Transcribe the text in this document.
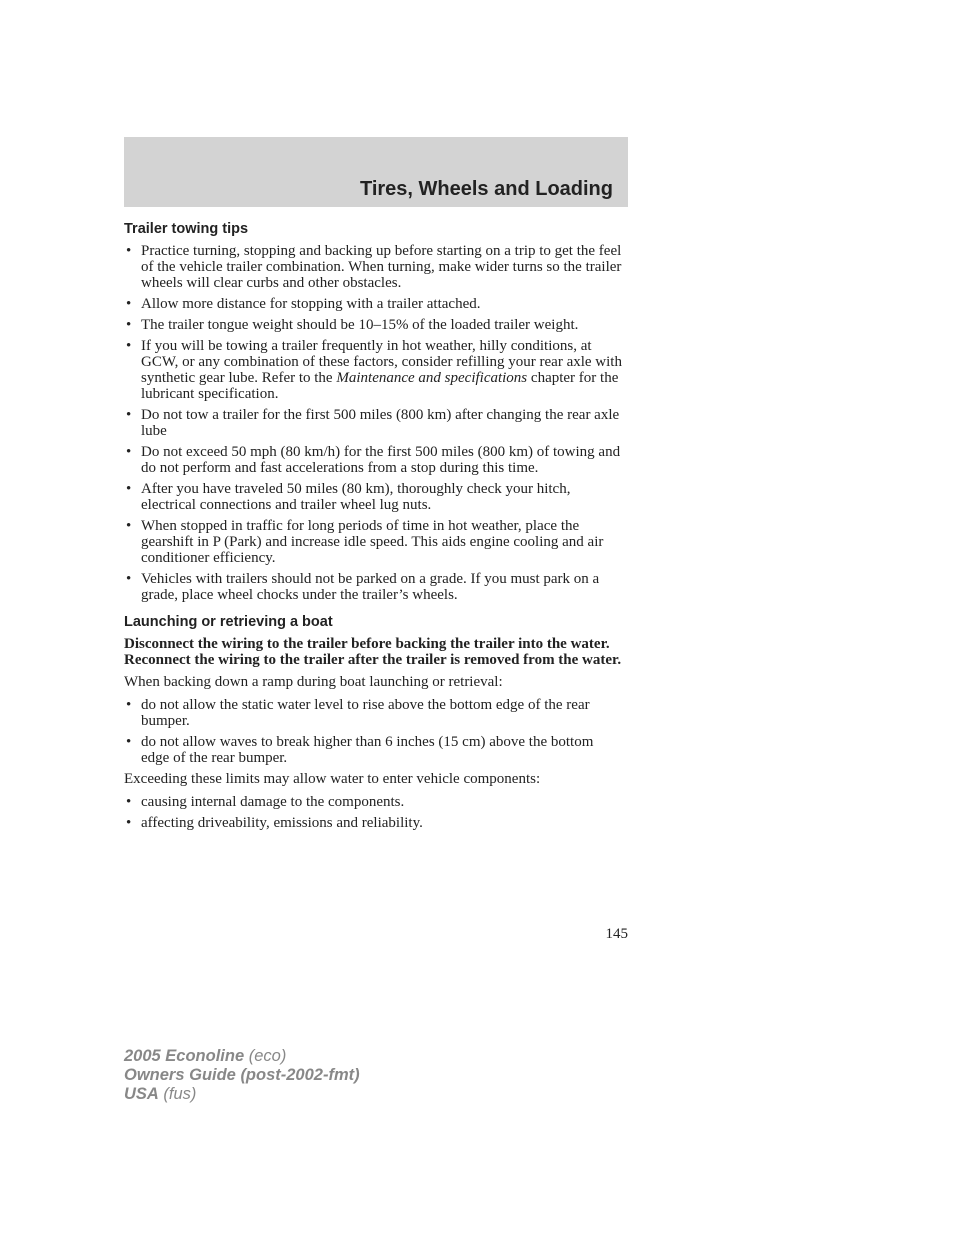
Tires, Wheels and Loading
Trailer towing tips
• Practice turning, stopping and backing up before starting on a trip to get the feel of the vehicle trailer combination. When turning, make wider turns so the trailer wheels will clear curbs and other obstacles.
• Allow more distance for stopping with a trailer attached.
• The trailer tongue weight should be 10–15% of the loaded trailer weight.
• If you will be towing a trailer frequently in hot weather, hilly conditions, at GCW, or any combination of these factors, consider refilling your rear axle with synthetic gear lube. Refer to the Maintenance and specifications chapter for the lubricant specification.
• Do not tow a trailer for the first 500 miles (800 km) after changing the rear axle lube
• Do not exceed 50 mph (80 km/h) for the first 500 miles (800 km) of towing and do not perform and fast accelerations from a stop during this time.
• After you have traveled 50 miles (80 km), thoroughly check your hitch, electrical connections and trailer wheel lug nuts.
• When stopped in traffic for long periods of time in hot weather, place the gearshift in P (Park) and increase idle speed. This aids engine cooling and air conditioner efficiency.
• Vehicles with trailers should not be parked on a grade. If you must park on a grade, place wheel chocks under the trailer’s wheels.
Launching or retrieving a boat

Disconnect the wiring to the trailer before backing the trailer into the water. Reconnect the wiring to the trailer after the trailer is removed from the water.

When backing down a ramp during boat launching or retrieval:

• do not allow the static water level to rise above the bottom edge of the rear bumper.
• do not allow waves to break higher than 6 inches (15 cm) above the bottom edge of the rear bumper.

Exceeding these limits may allow water to enter vehicle components:

• causing internal damage to the components.
• affecting driveability, emissions and reliability.
145
2005 Econoline (eco)
Owners Guide (post-2002-fmt)
USA (fus)
